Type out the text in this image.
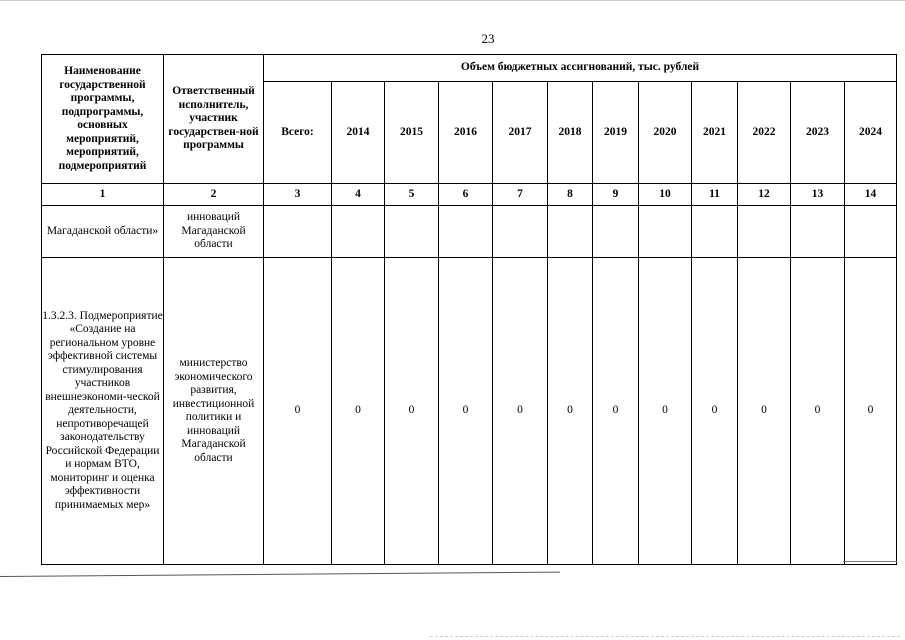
23
Наименование государственной программы, подпрограммы, основных мероприятий, мероприятий, подмероприятий	Ответственный исполнитель, участник государствен-ной программы	Объем бюджетных ассигнований, тыс. рублей											
		Всего:	2014	2015	2016	2017	2018	2019	2020	2021	2022	2023	2024
1	2	3	4	5	6	7	8	9	10	11	12	13	14
Магаданской области»	инноваций Магаданской области												
1.3.2.3. Подмероприятие «Создание на региональном уровне эффективной системы стимулирования участников внешнеэкономи-ческой деятельности, непротиворечащей законодательству Российской Федерации и нормам ВТО, мониторинг и оценка эффективности принимаемых мер»	министерство экономического развития, инвестиционной политики и инноваций Магаданской области	0	0	0	0	0	0	0	0	0	0	0	0
